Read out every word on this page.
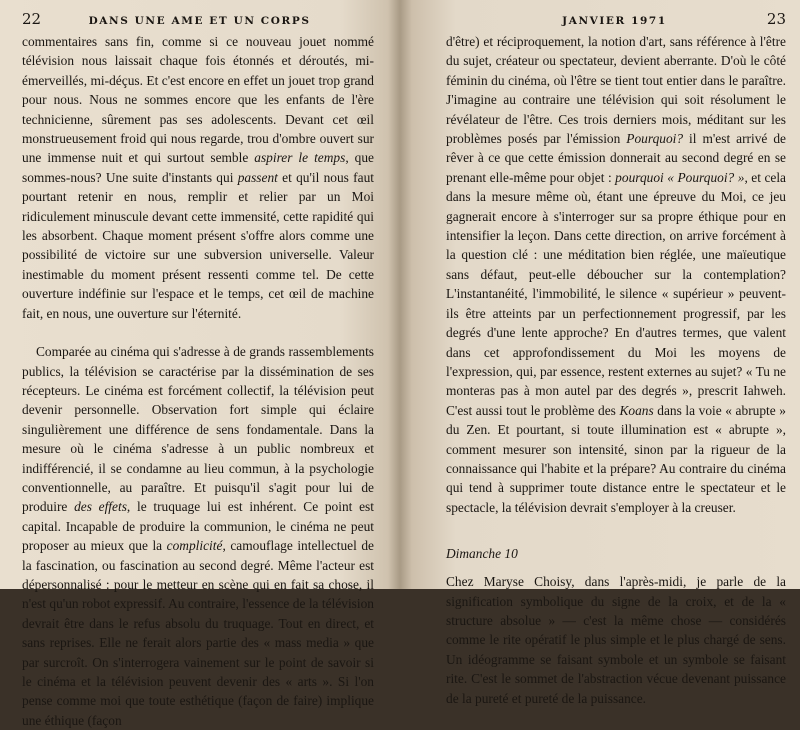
22	DANS UNE AME ET UN CORPS

commentaires sans fin, comme si ce nouveau jouet nommé télévision nous laissait chaque fois étonnés et déroutés, mi-émerveillés, mi-déçus. Et c'est encore en effet un jouet trop grand pour nous. Nous ne sommes encore que les enfants de l'ère technicienne, sûrement pas ses adolescents. Devant cet œil monstrueusement froid qui nous regarde, trou d'ombre ouvert sur une immense nuit et qui surtout semble aspirer le temps, que sommes-nous? Une suite d'instants qui passent et qu'il nous faut pourtant retenir en nous, remplir et relier par un Moi ridiculement minuscule devant cette immensité, cette rapidité qui les absorbent. Chaque moment présent s'offre alors comme une possibilité de victoire sur une subversion universelle. Valeur inestimable du moment présent ressenti comme tel. De cette ouverture indéfinie sur l'espace et le temps, cet œil de machine fait, en nous, une ouverture sur l'éternité.

Comparée au cinéma qui s'adresse à de grands rassemblements publics, la télévision se caractérise par la dissémination de ses récepteurs. Le cinéma est forcément collectif, la télévision peut devenir personnelle. Observation fort simple qui éclaire singulièrement une différence de sens fondamentale. Dans la mesure où le cinéma s'adresse à un public nombreux et indifférencié, il se condamne au lieu commun, à la psychologie conventionnelle, au paraître. Et puisqu'il s'agit pour lui de produire des effets, le truquage lui est inhérent. Ce point est capital. Incapable de produire la communion, le cinéma ne peut proposer au mieux que la complicité, camouflage intellectuel de la fascination, ou fascination au second degré. Même l'acteur est dépersonnalisé : pour le metteur en scène qui en fait sa chose, il n'est qu'un robot expressif. Au contraire, l'essence de la télévision devrait être dans le refus absolu du truquage. Tout en direct, et sans reprises. Elle ne ferait alors partie des « mass media » que par surcroît. On s'interrogera vainement sur le point de savoir si le cinéma et la télévision peuvent devenir des « arts ». Si l'on pense comme moi que toute esthétique (façon de faire) implique une éthique (façon

JANVIER 1971	23

d'être) et réciproquement, la notion d'art, sans référence à l'être du sujet, créateur ou spectateur, devient aberrante. D'où le côté féminin du cinéma, où l'être se tient tout entier dans le paraître. J'imagine au contraire une télévision qui soit résolument le révélateur de l'être. Ces trois derniers mois, méditant sur les problèmes posés par l'émission Pourquoi? il m'est arrivé de rêver à ce que cette émission donnerait au second degré en se prenant elle-même pour objet : pourquoi « Pourquoi? », et cela dans la mesure même où, étant une épreuve du Moi, ce jeu gagnerait encore à s'interroger sur sa propre éthique pour en intensifier la leçon. Dans cette direction, on arrive forcément à la question clé : une méditation bien réglée, une maïeutique sans défaut, peut-elle déboucher sur la contemplation? L'instantanéité, l'immobilité, le silence « supérieur » peuvent-ils être atteints par un perfectionnement progressif, par les degrés d'une lente approche? En d'autres termes, que valent dans cet approfondissement du Moi les moyens de l'expression, qui, par essence, restent externes au sujet? « Tu ne monteras pas à mon autel par des degrés », prescrit Iahweh. C'est aussi tout le problème des Koans dans la voie « abrupte » du Zen. Et pourtant, si toute illumination est « abrupte », comment mesurer son intensité, sinon par la rigueur de la connaissance qui l'habite et la prépare? Au contraire du cinéma qui tend à supprimer toute distance entre le spectateur et le spectacle, la télévision devrait s'employer à la creuser.

Dimanche 10

Chez Maryse Choisy, dans l'après-midi, je parle de la signification symbolique du signe de la croix, et de la « structure absolue » — c'est la même chose — considérés comme le rite opératif le plus simple et le plus chargé de sens. Un idéogramme se faisant symbole et un symbole se faisant rite. C'est le sommet de l'abstraction vécue devenant puissance de la pureté et pureté de la puissance.
